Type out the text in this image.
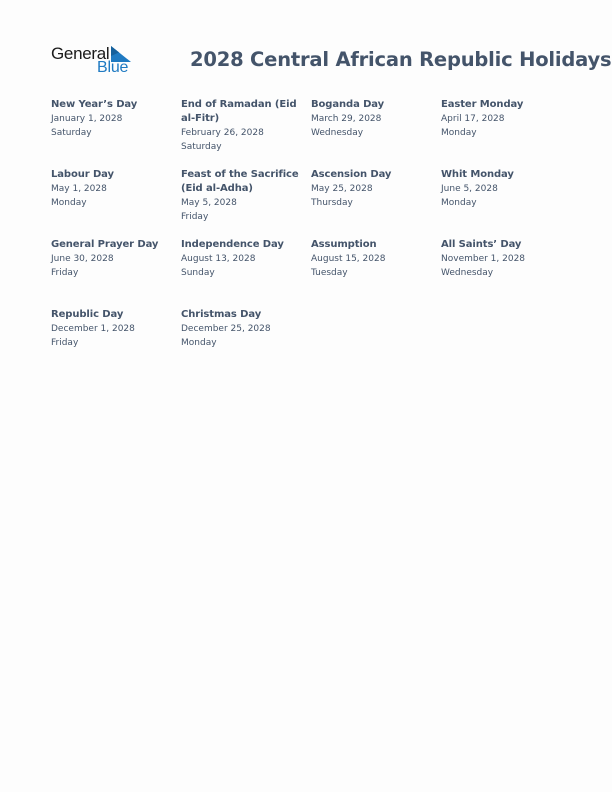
General
Blue	2028 Central African Republic Holidays
New Year’s Day
January 1, 2028
Saturday
End of Ramadan (Eid al-Fitr)
February 26, 2028
Saturday
Boganda Day
March 29, 2028
Wednesday
Easter Monday
April 17, 2028
Monday
Labour Day
May 1, 2028
Monday
Feast of the Sacrifice (Eid al-Adha)
May 5, 2028
Friday
Ascension Day
May 25, 2028
Thursday
Whit Monday
June 5, 2028
Monday
General Prayer Day
June 30, 2028
Friday
Independence Day
August 13, 2028
Sunday
Assumption
August 15, 2028
Tuesday
All Saints’ Day
November 1, 2028
Wednesday
Republic Day
December 1, 2028
Friday
Christmas Day
December 25, 2028
Monday
